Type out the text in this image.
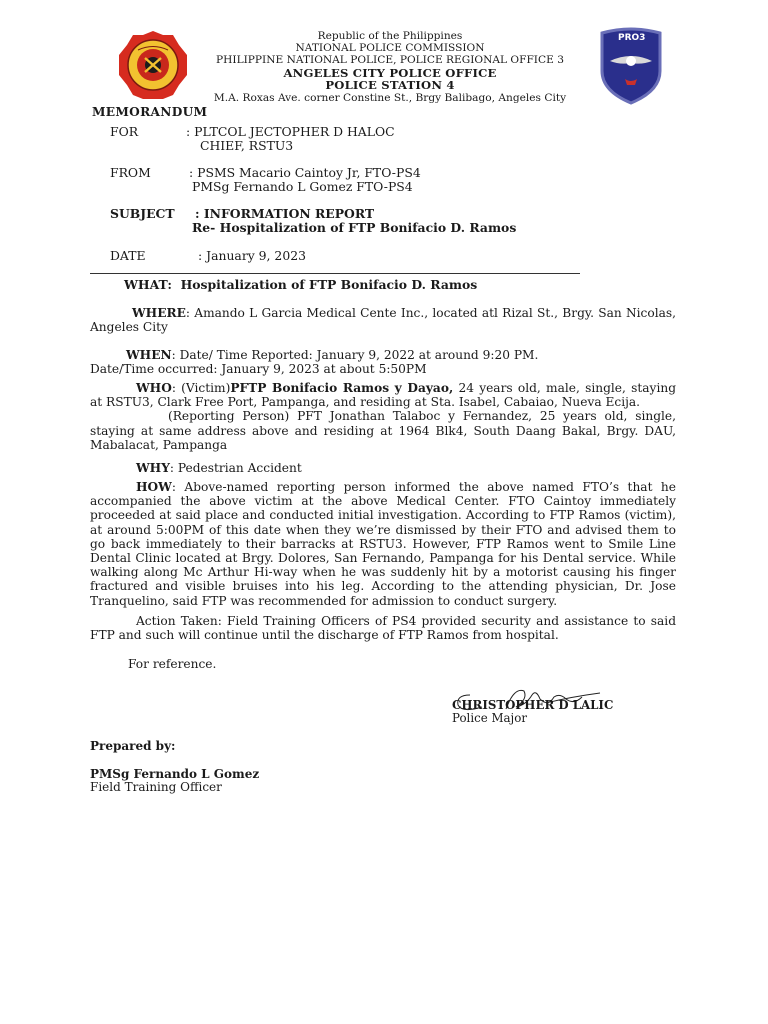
PRO3
Republic of the Philippines
NATIONAL POLICE COMMISSION
PHILIPPINE NATIONAL POLICE, POLICE REGIONAL OFFICE 3
ANGELES CITY POLICE OFFICE
POLICE STATION 4
M.A. Roxas Ave. corner Constine St., Brgy Balibago, Angeles City
MEMORANDUM
FOR	: PLTCOL JECTOPHER D HALOC
CHIEF, RSTU3
FROM	: PSMS Macario Caintoy Jr, FTO-PS4
PMSg Fernando L Gomez FTO-PS4
SUBJECT : INFORMATION REPORT
Re- Hospitalization of FTP Bonifacio D. Ramos
DATE	: January 9, 2023
WHAT: Hospitalization of FTP Bonifacio D. Ramos
WHERE: Amando L Garcia Medical Cente Inc., located atl Rizal St., Brgy. San Nicolas, Angeles City
WHEN: Date/ Time Reported: January 9, 2022 at around 9:20 PM.
Date/Time occurred: January 9, 2023 at about 5:50PM
WHO: (Victim)PFTP Bonifacio Ramos y Dayao, 24 years old, male, single, staying at RSTU3, Clark Free Port, Pampanga, and residing at Sta. Isabel, Cabaiao, Nueva Ecija.
(Reporting Person) PFT Jonathan Talaboc y Fernandez, 25 years old, single, staying at same address above and residing at 1964 Blk4, South Daang Bakal, Brgy. DAU, Mabalacat, Pampanga
WHY: Pedestrian Accident
HOW: Above-named reporting person informed the above named FTO’s that he accompanied the above victim at the above Medical Center. FTO Caintoy immediately proceeded at said place and conducted initial investigation. According to FTP Ramos (victim), at around 5:00PM of this date when they we’re dismissed by their FTO and advised them to go back immediately to their barracks at RSTU3. However, FTP Ramos went to Smile Line Dental Clinic located at Brgy. Dolores, San Fernando, Pampanga for his Dental service. While walking along Mc Arthur Hi-way when he was suddenly hit by a motorist causing his finger fractured and visible bruises into his leg. According to the attending physician, Dr. Jose Tranquelino, said FTP was recommended for admission to conduct surgery.
Action Taken: Field Training Officers of PS4 provided security and assistance to said FTP and such will continue until the discharge of FTP Ramos from hospital.
For reference.
CHRISTOPHER D LALIC
Police Major
Prepared by:
PMSg Fernando L Gomez
Field Training Officer
